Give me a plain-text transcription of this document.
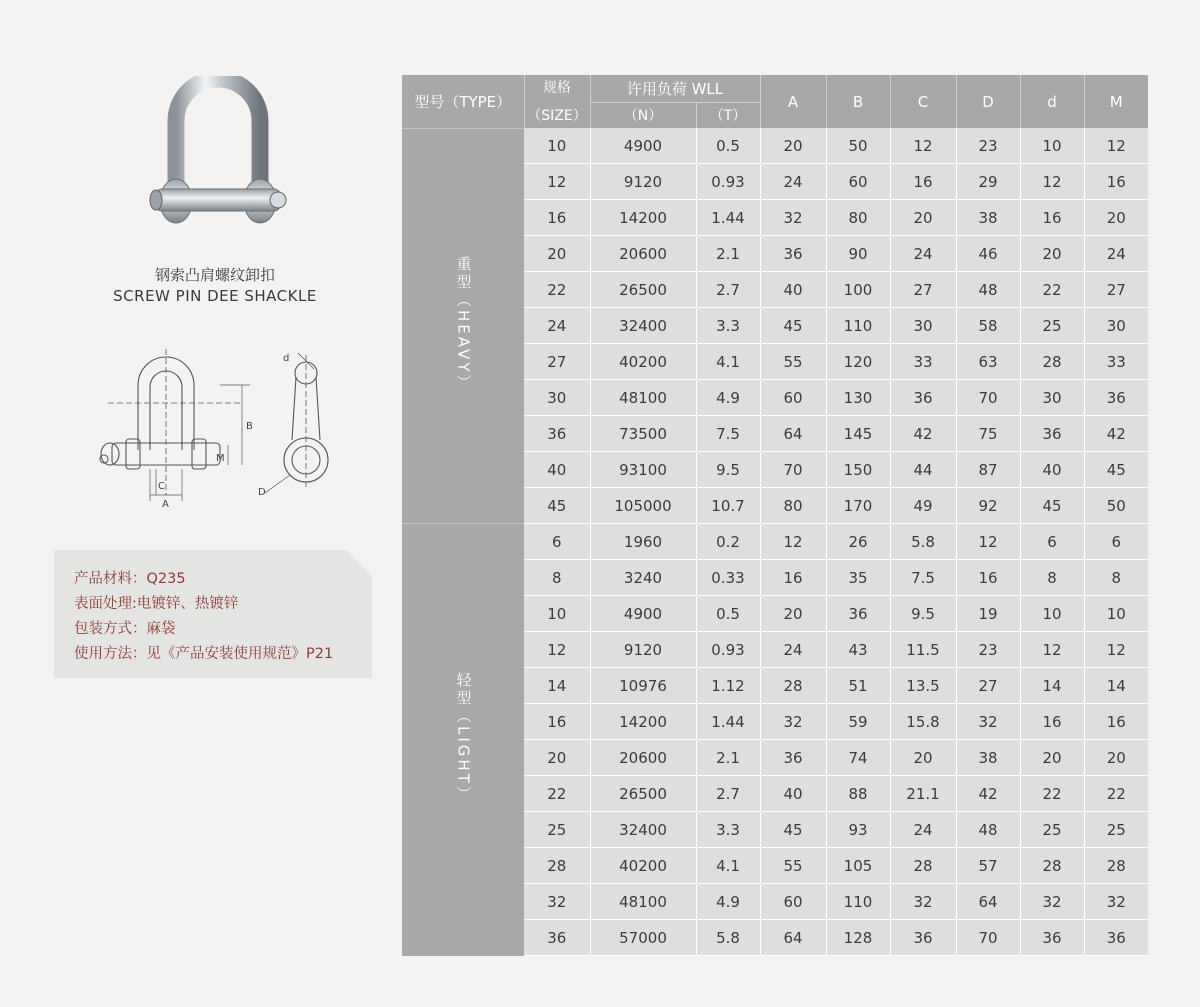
钢索凸肩螺纹卸扣
SCREW PIN DEE SHACKLE
d
B
M
C
A
D
产品材料：Q235
表面处理:电镀锌、热镀锌
包装方式：麻袋
使用方法：见《产品安装使用规范》P21
型号（TYPE）	规格	许用负荷 WLL		A	B	C	D	d	M
	（SIZE）	（N）	（T）						
重型（HEAVY）	10	4900	0.5	20	50	12	23	10	12
	12	9120	0.93	24	60	16	29	12	16
	16	14200	1.44	32	80	20	38	16	20
	20	20600	2.1	36	90	24	46	20	24
	22	26500	2.7	40	100	27	48	22	27
	24	32400	3.3	45	110	30	58	25	30
	27	40200	4.1	55	120	33	63	28	33
	30	48100	4.9	60	130	36	70	30	36
	36	73500	7.5	64	145	42	75	36	42
	40	93100	9.5	70	150	44	87	40	45
	45	105000	10.7	80	170	49	92	45	50
轻型（LIGHT）	6	1960	0.2	12	26	5.8	12	6	6
	8	3240	0.33	16	35	7.5	16	8	8
	10	4900	0.5	20	36	9.5	19	10	10
	12	9120	0.93	24	43	11.5	23	12	12
	14	10976	1.12	28	51	13.5	27	14	14
	16	14200	1.44	32	59	15.8	32	16	16
	20	20600	2.1	36	74	20	38	20	20
	22	26500	2.7	40	88	21.1	42	22	22
	25	32400	3.3	45	93	24	48	25	25
	28	40200	4.1	55	105	28	57	28	28
	32	48100	4.9	60	110	32	64	32	32
	36	57000	5.8	64	128	36	70	36	36
